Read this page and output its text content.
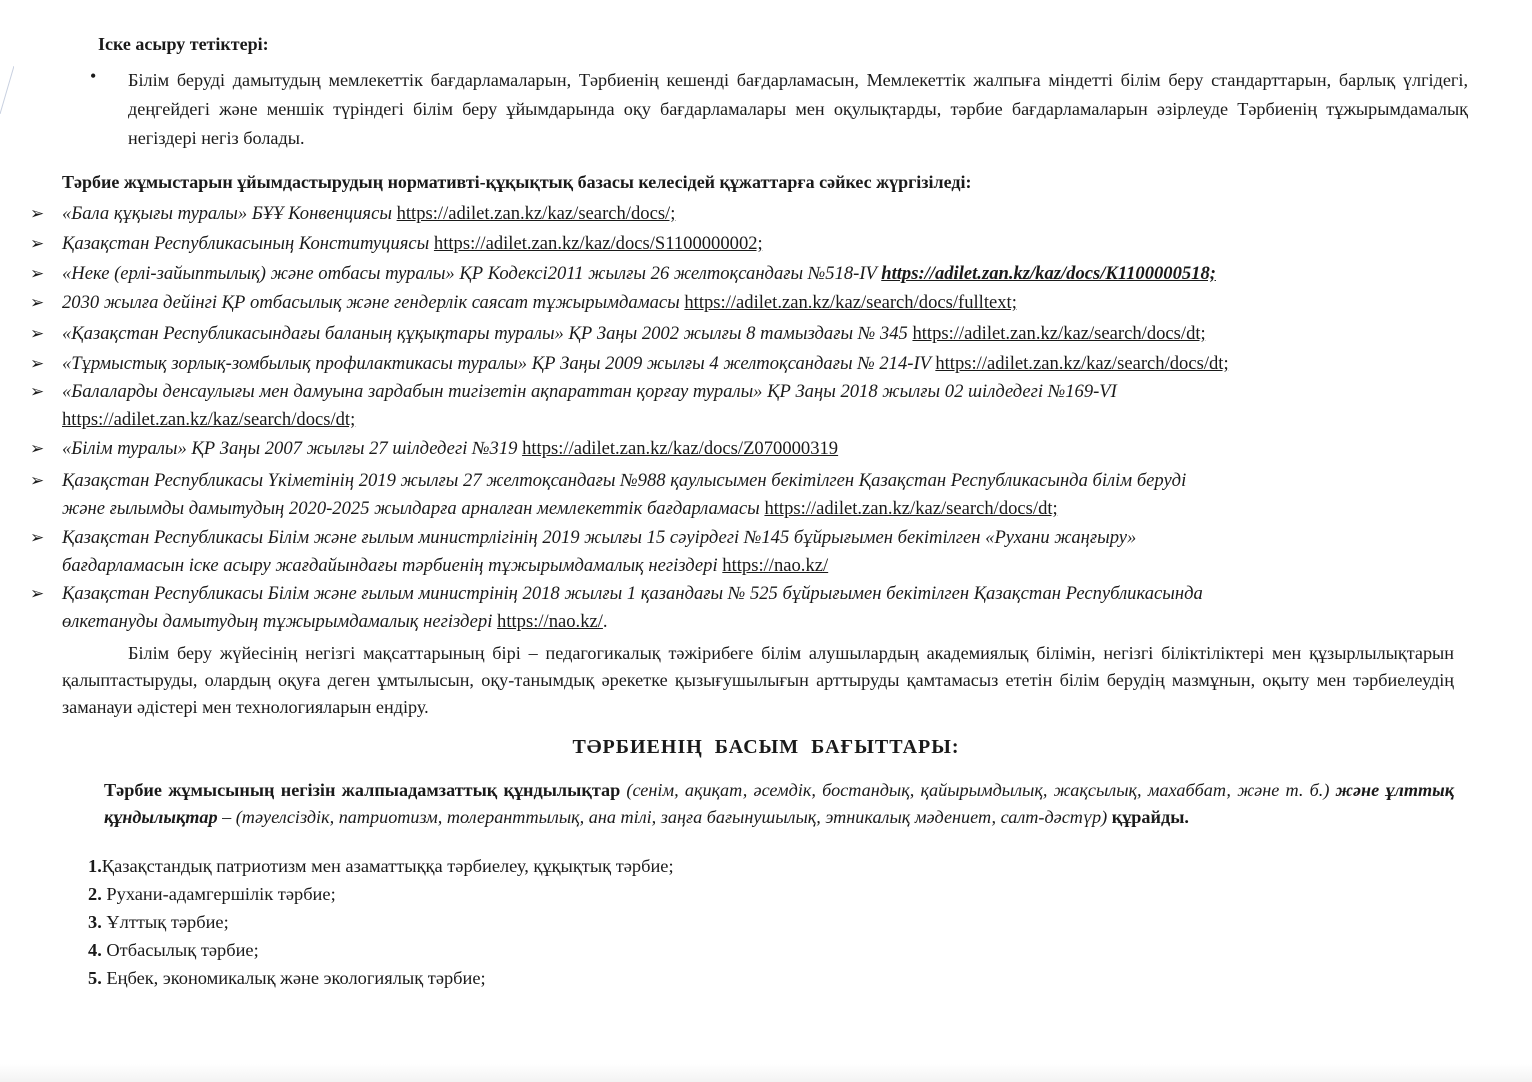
Іске асыру тетіктері:
• Білім беруді дамытудың мемлекеттік бағдарламаларын, Тәрбиенің кешенді бағдарламасын, Мемлекеттік жалпыға міндетті білім беру стандарттарын, барлық үлгідегі, деңгейдегі және меншік түріндегі білім беру ұйымдарында оқу бағдарламалары мен оқулықтарды, тәрбие бағдарламаларын әзірлеуде Тәрбиенің тұжырымдамалық негіздері негіз болады.
Тәрбие жұмыстарын ұйымдастырудың нормативті-құқықтық базасы келесідей құжаттарға сәйкес жүргізіледі:
➢ «Бала құқығы туралы» БҰҰ Конвенциясы https://adilet.zan.kz/kaz/search/docs/;
➢ Қазақстан Республикасының Конституциясы https://adilet.zan.kz/kaz/docs/S1100000002;
➢ «Неке (ерлі-зайыптылық) және отбасы туралы» ҚР Кодексі2011 жылғы 26 желтоқсандағы №518-IV https://adilet.zan.kz/kaz/docs/K1100000518;
➢ 2030 жылға дейінгі ҚР отбасылық және гендерлік саясат тұжырымдамасы https://adilet.zan.kz/kaz/search/docs/fulltext;
➢ «Қазақстан Республикасындағы баланың құқықтары туралы» ҚР Заңы 2002 жылғы 8 тамыздағы № 345 https://adilet.zan.kz/kaz/search/docs/dt;
➢ «Тұрмыстық зорлық-зомбылық профилактикасы туралы» ҚР Заңы 2009 жылғы 4 желтоқсандағы № 214-IV https://adilet.zan.kz/kaz/search/docs/dt;
➢ «Балаларды денсаулығы мен дамуына зардабын тигізетін ақпараттан қорғау туралы» ҚР Заңы 2018 жылғы 02 шілдедегі №169-VI
https://adilet.zan.kz/kaz/search/docs/dt;
➢ «Білім туралы» ҚР Заңы 2007 жылғы 27 шілдедегі №319 https://adilet.zan.kz/kaz/docs/Z070000319
➢ Қазақстан Республикасы Үкіметінің 2019 жылғы 27 желтоқсандағы №988 қаулысымен бекітілген Қазақстан Республикасында білім беруді
және ғылымды дамытудың 2020-2025 жылдарға арналған мемлекеттік бағдарламасы https://adilet.zan.kz/kaz/search/docs/dt;
➢ Қазақстан Республикасы Білім және ғылым министрлігінің 2019 жылғы 15 сәуірдегі №145 бұйрығымен бекітілген «Рухани жаңғыру»
бағдарламасын іске асыру жағдайындағы тәрбиенің тұжырымдамалық негіздері https://nao.kz/
➢ Қазақстан Республикасы Білім және ғылым министрінің 2018 жылғы 1 қазандағы № 525 бұйрығымен бекітілген Қазақстан Республикасында
өлкетануды дамытудың тұжырымдамалық негіздері https://nao.kz/.
Білім беру жүйесінің негізгі мақсаттарының бірі – педагогикалық тәжірибеге білім алушылардың академиялық білімін, негізгі біліктіліктері мен құзырлылықтарын қалыптастыруды, олардың оқуға деген ұмтылысын, оқу-танымдық әрекетке қызығушылығын арттыруды қамтамасыз ететін білім берудің мазмұнын, оқыту мен тәрбиелеудің заманауи әдістері мен технологияларын ендіру.
ТӘРБИЕНІҢ БАСЫМ БАҒЫТТАРЫ:
Тәрбие жұмысының негізін жалпыадамзаттық құндылықтар (сенім, ақиқат, әсемдік, бостандық, қайырымдылық, жақсылық, махаббат, және т. б.) және ұлттық құндылықтар – (тәуелсіздік, патриотизм, толеранттылық, ана тілі, заңға бағынушылық, этникалық мәдениет, салт-дәстүр) құрайды.
1.Қазақстандық патриотизм мен азаматтыққа тәрбиелеу, құқықтық тәрбие;
2. Рухани-адамгершілік тәрбие;
3. Ұлттық тәрбие;
4. Отбасылық тәрбие;
5. Еңбек, экономикалық және экологиялық тәрбие;
